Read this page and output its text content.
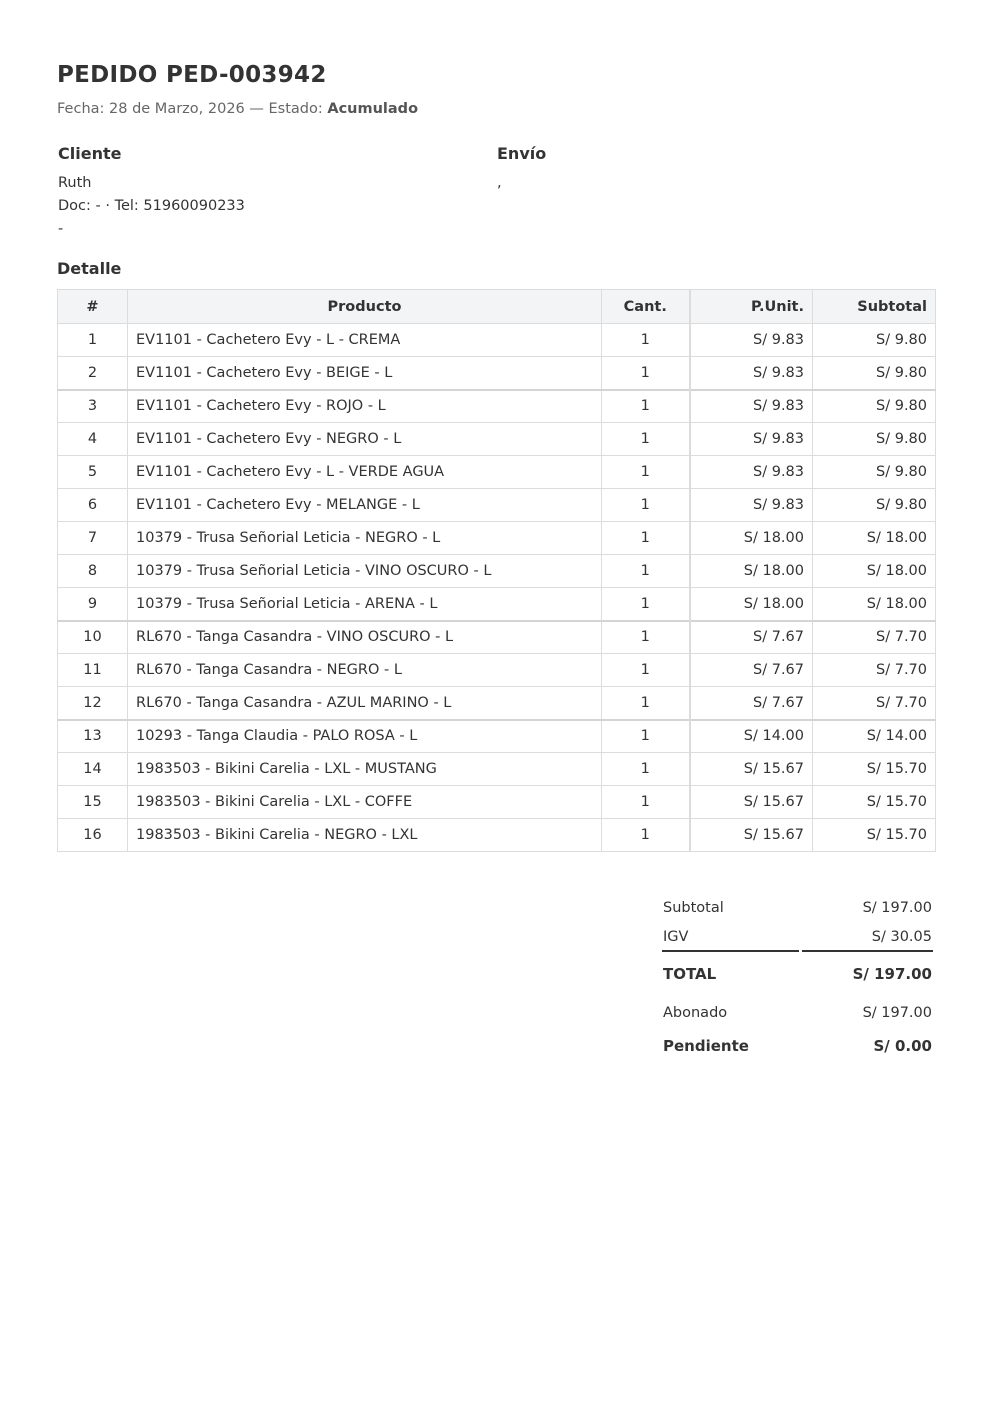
PEDIDO PED-003942
Fecha: 28 de Marzo, 2026 — Estado: Acumulado
Cliente
Ruth
Doc: - · Tel: 51960090233
-
Envío
,
Detalle
#	Producto	Cant.	P.Unit.	Subtotal
1	EV1101 - Cachetero Evy - L - CREMA	1	S/ 9.83	S/ 9.80
2	EV1101 - Cachetero Evy - BEIGE - L	1	S/ 9.83	S/ 9.80
3	EV1101 - Cachetero Evy - ROJO - L	1	S/ 9.83	S/ 9.80
4	EV1101 - Cachetero Evy - NEGRO - L	1	S/ 9.83	S/ 9.80
5	EV1101 - Cachetero Evy - L - VERDE AGUA	1	S/ 9.83	S/ 9.80
6	EV1101 - Cachetero Evy - MELANGE - L	1	S/ 9.83	S/ 9.80
7	10379 - Trusa Señorial Leticia - NEGRO - L	1	S/ 18.00	S/ 18.00
8	10379 - Trusa Señorial Leticia - VINO OSCURO - L	1	S/ 18.00	S/ 18.00
9	10379 - Trusa Señorial Leticia - ARENA - L	1	S/ 18.00	S/ 18.00
10	RL670 - Tanga Casandra - VINO OSCURO - L	1	S/ 7.67	S/ 7.70
11	RL670 - Tanga Casandra - NEGRO - L	1	S/ 7.67	S/ 7.70
12	RL670 - Tanga Casandra - AZUL MARINO - L	1	S/ 7.67	S/ 7.70
13	10293 - Tanga Claudia - PALO ROSA - L	1	S/ 14.00	S/ 14.00
14	1983503 - Bikini Carelia - LXL - MUSTANG	1	S/ 15.67	S/ 15.70
15	1983503 - Bikini Carelia - LXL - COFFE	1	S/ 15.67	S/ 15.70
16	1983503 - Bikini Carelia - NEGRO - LXL	1	S/ 15.67	S/ 15.70
Subtotal	S/ 197.00
IGV	S/ 30.05
TOTAL	S/ 197.00
Abonado	S/ 197.00
Pendiente	S/ 0.00
